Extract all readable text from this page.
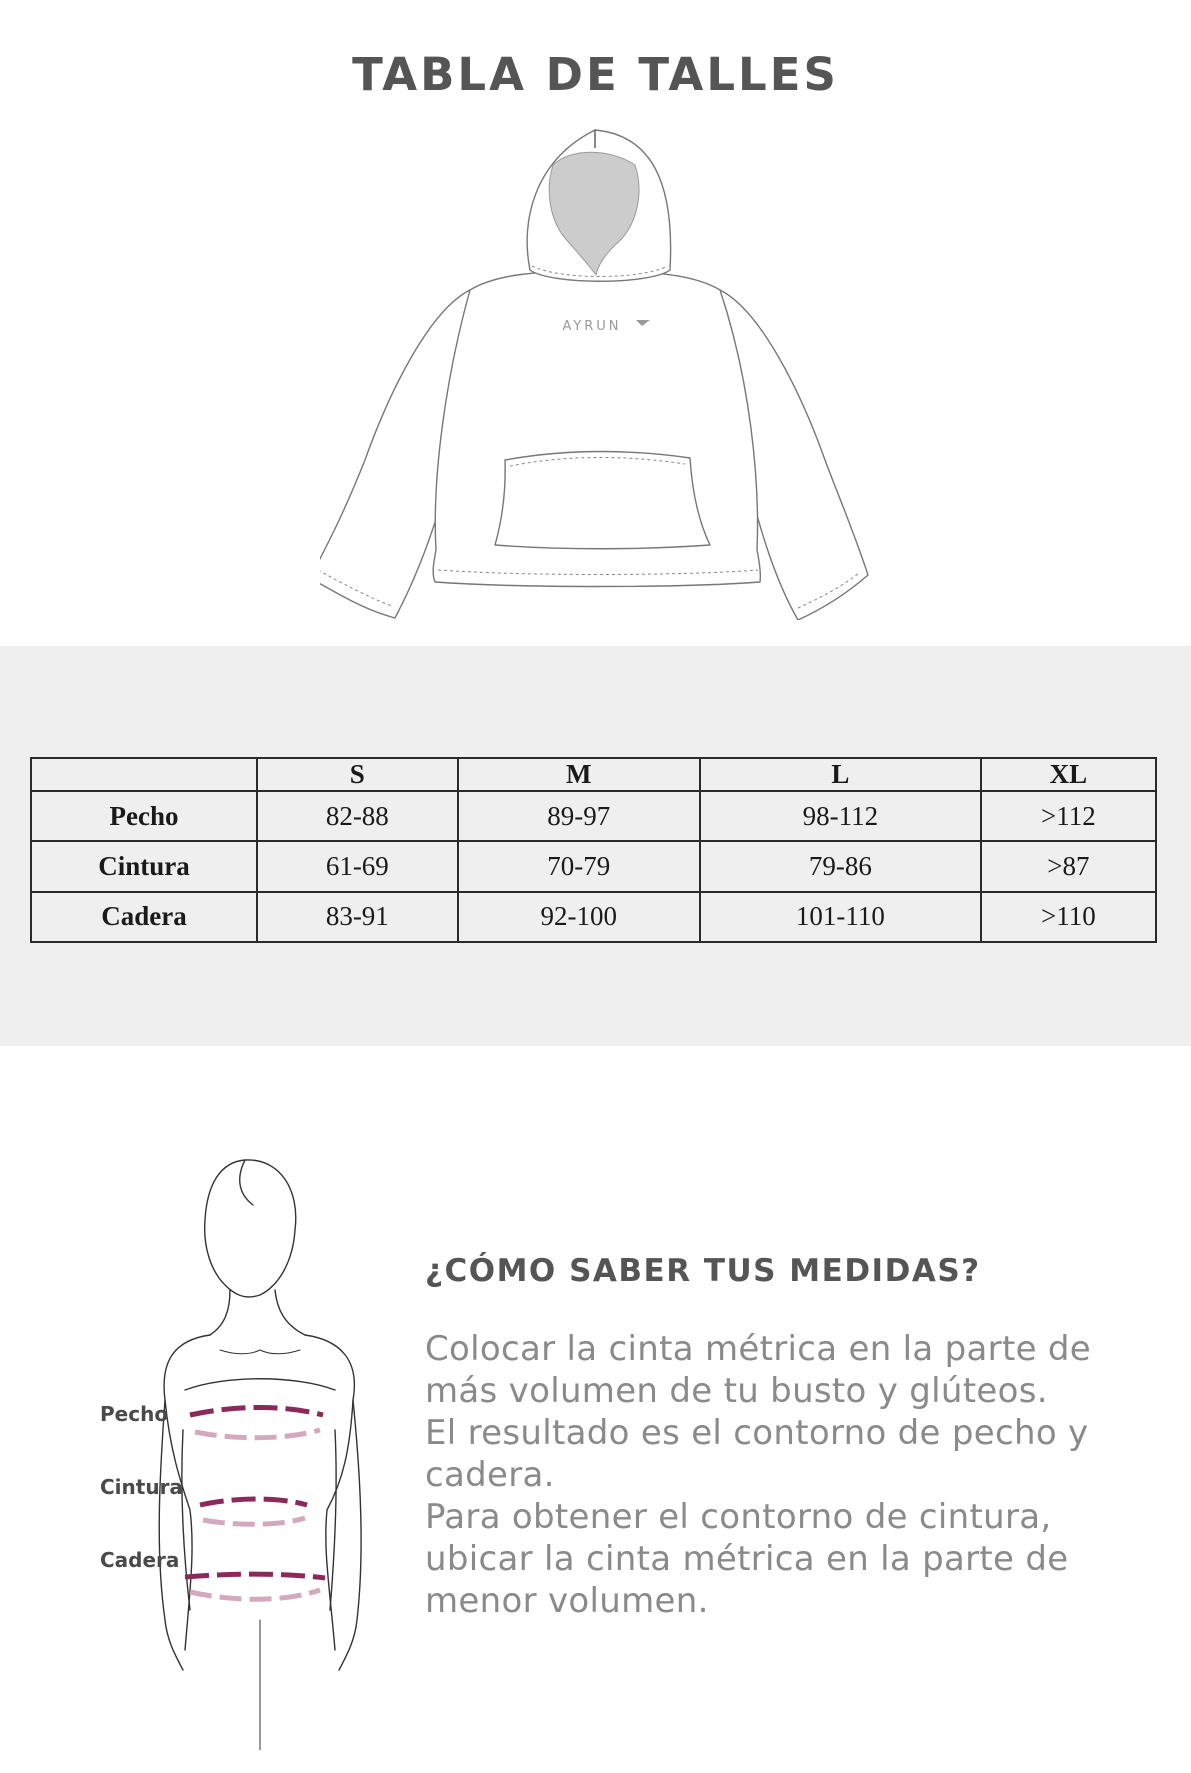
TABLA DE TALLES
AYRUN
	S	M	L	XL
Pecho	82-88	89-97	98-112	>112
Cintura	61-69	70-79	79-86	>87
Cadera	83-91	92-100	101-110	>110
Pecho
Cintura
Cadera
¿CÓMO SABER TUS MEDIDAS?

Colocar la cinta métrica en la parte de
más volumen de tu busto y glúteos.
El resultado es el contorno de pecho y
cadera.
Para obtener el contorno de cintura,
ubicar la cinta métrica en la parte de
menor volumen.
